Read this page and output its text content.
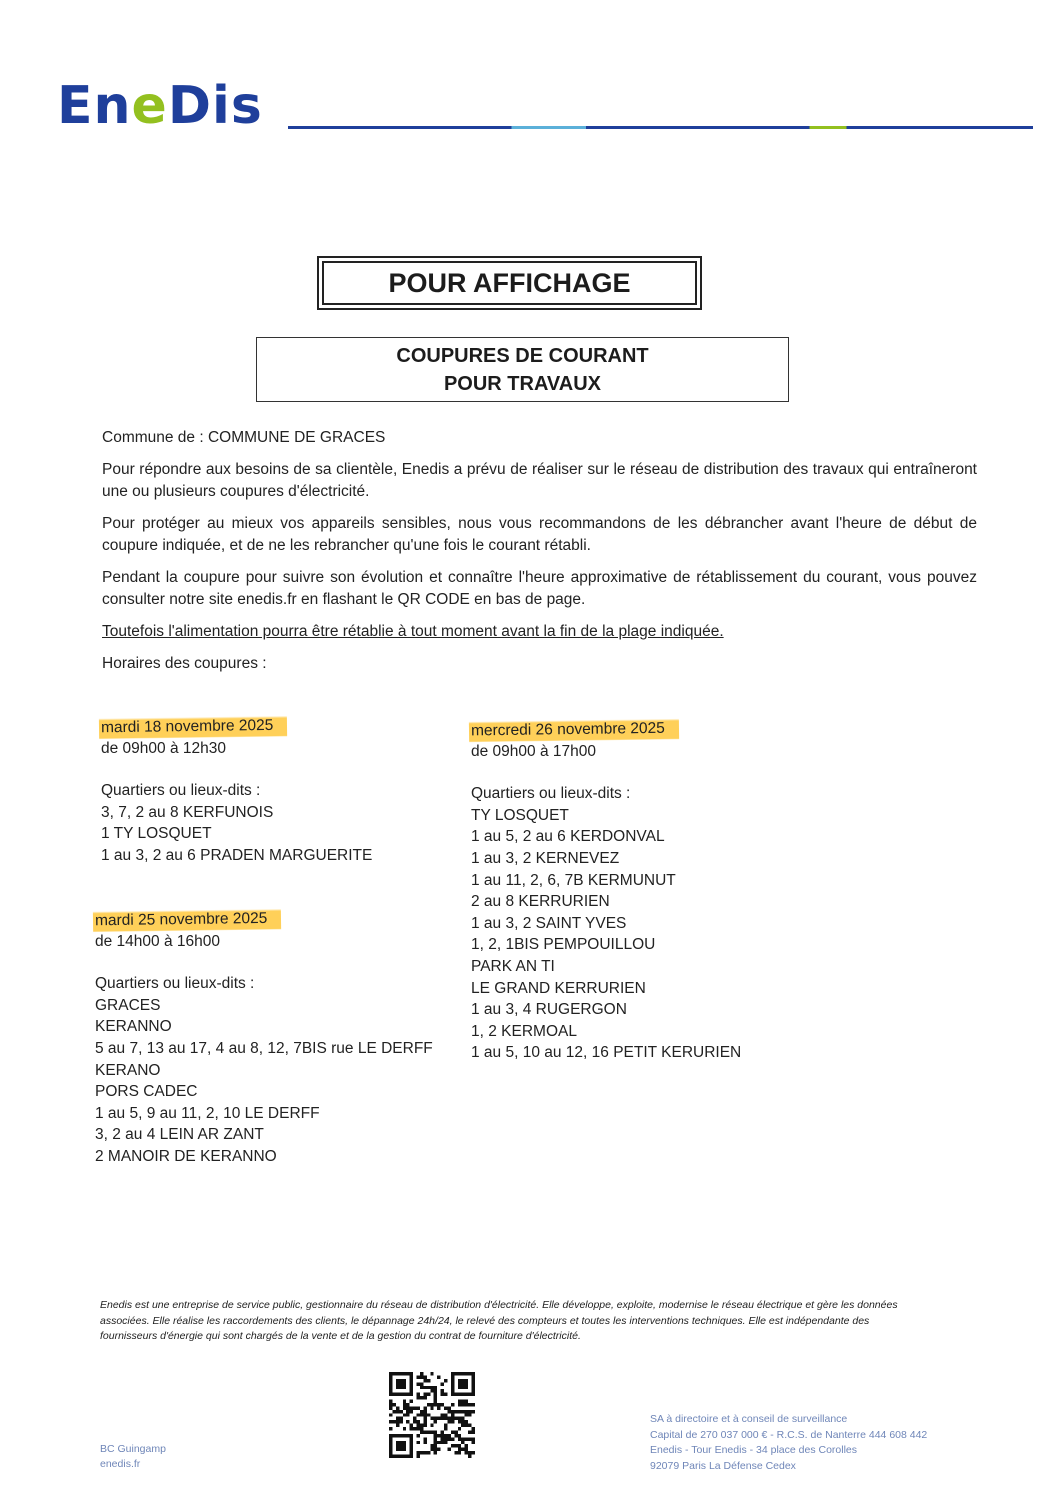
EneDis
POUR AFFICHAGE
COUPURES DE COURANT
POUR TRAVAUX
Commune de : COMMUNE DE GRACES
Pour répondre aux besoins de sa clientèle, Enedis a prévu de réaliser sur le réseau de distribution des travaux qui entraîneront une ou plusieurs coupures d'électricité.
Pour protéger au mieux vos appareils sensibles, nous vous recommandons de les débrancher avant l'heure de début de coupure indiquée, et de ne les rebrancher qu'une fois le courant rétabli.
Pendant la coupure pour suivre son évolution et connaître l'heure approximative de rétablissement du courant, vous pouvez consulter notre site enedis.fr en flashant le QR CODE en bas de page.
Toutefois l'alimentation pourra être rétablie à tout moment avant la fin de la plage indiquée.
Horaires des coupures :
mardi 18 novembre 2025
de 09h00 à 12h30
Quartiers ou lieux-dits :
3, 7, 2 au 8 KERFUNOIS
1 TY LOSQUET
1 au 3, 2 au 6 PRADEN MARGUERITE
mardi 25 novembre 2025
de 14h00 à 16h00
Quartiers ou lieux-dits :
GRACES
KERANNO
5 au 7, 13 au 17, 4 au 8, 12, 7BIS rue LE DERFF
KERANO
PORS CADEC
1 au 5, 9 au 11, 2, 10 LE DERFF
3, 2 au 4 LEIN AR ZANT
2 MANOIR DE KERANNO
mercredi 26 novembre 2025
de 09h00 à 17h00
Quartiers ou lieux-dits :
TY LOSQUET
1 au 5, 2 au 6 KERDONVAL
1 au 3, 2 KERNEVEZ
1 au 11, 2, 6, 7B KERMUNUT
2 au 8 KERRURIEN
1 au 3, 2 SAINT YVES
1, 2, 1BIS PEMPOUILLOU
PARK AN TI
LE GRAND KERRURIEN
1 au 3, 4 RUGERGON
1, 2 KERMOAL
1 au 5, 10 au 12, 16 PETIT KERURIEN
Enedis est une entreprise de service public, gestionnaire du réseau de distribution d'électricité. Elle développe, exploite, modernise le réseau électrique et gère les données
associées. Elle réalise les raccordements des clients, le dépannage 24h/24, le relevé des compteurs et toutes les interventions techniques. Elle est indépendante des
fournisseurs d'énergie qui sont chargés de la vente et de la gestion du contrat de fourniture d'électricité.
BC Guingamp
enedis.fr
SA à directoire et à conseil de surveillance
Capital de 270 037 000 € - R.C.S. de Nanterre 444 608 442
Enedis - Tour Enedis - 34 place des Corolles
92079 Paris La Défense Cedex
